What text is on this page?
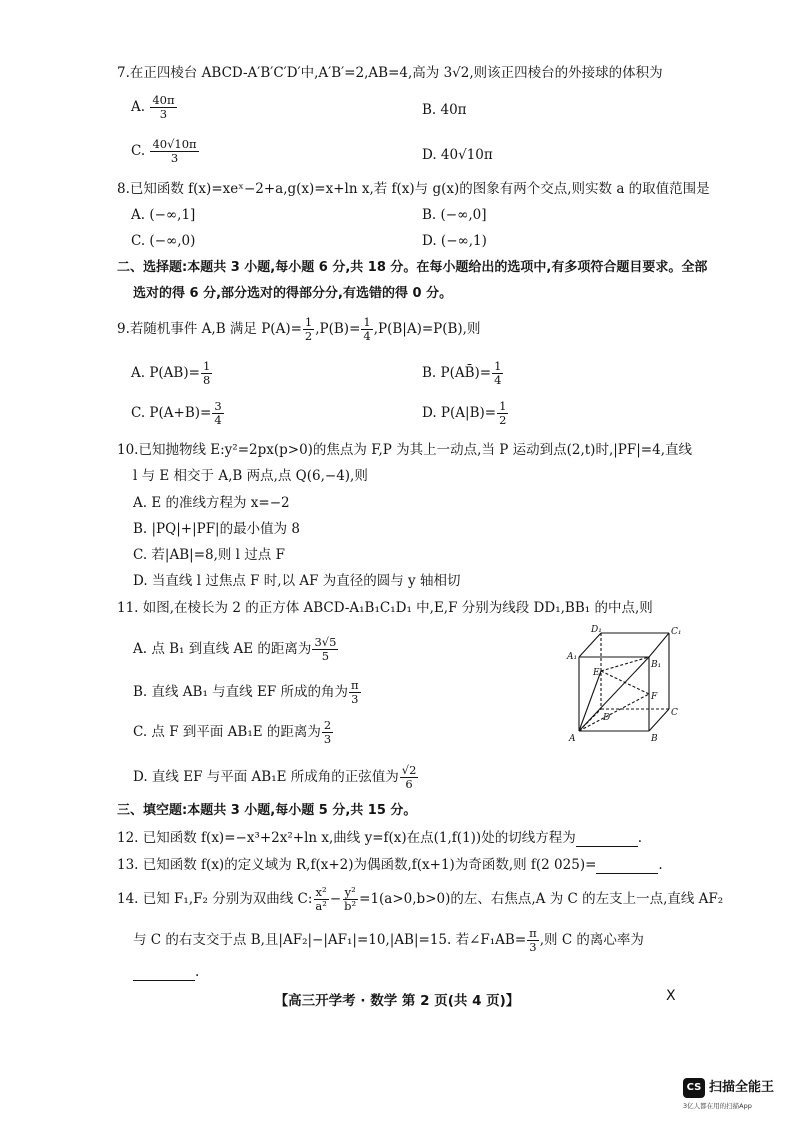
7.在正四棱台 ABCD-A′B′C′D′中,A′B′=2,AB=4,高为 3√2,则该正四棱台的外接球的体积为
A. $\frac{40\pi}{3}$	B. 40π
C. $\frac{40√10\pi}{3}$	D. 40√10π
8.已知函数 f(x)=xeˣ−2+a,g(x)=x+ln x,若 f(x)与 g(x)的图象有两个交点,则实数 a 的取值范围是
A. (−∞,1]	B. (−∞,0]
C. (−∞,0)	D. (−∞,1)
二、选择题:本题共 3 小题,每小题 6 分,共 18 分。在每小题给出的选项中,有多项符合题目要求。全部
选对的得 6 分,部分选对的得部分分,有选错的得 0 分。
9.若随机事件 A,B 满足 $P(A)= \frac{1}{2} ,P(B)= \frac{1}{4} ,P(B|A)=P(B)$,则
A. $P(AB)= \frac{1}{8}$	B. P(AB̄)= $\frac{1}{4}$
C. $P(A+B)= \frac{3}{4}$	D. $P(A|B)= \frac{1}{2}$
10.已知抛物线 E:y²=2px(p>0)的焦点为 F,P 为其上一动点,当 P 运动到点(2,t)时,|PF|=4,直线
l 与 E 相交于 A,B 两点,点 Q(6,−4),则
A. E 的准线方程为 x=−2
B. |PQ|+|PF|的最小值为 8
C. 若|AB|=8,则 l 过点 F
D. 当直线 l 过焦点 F 时,以 AF 为直径的圆与 y 轴相切
11. 如图,在棱长为 2 的正方体 ABCD-A₁B₁C₁D₁ 中,E,F 分别为线段 DD₁,BB₁ 的中点,则
A. 点 B₁ 到直线 AE 的距离为 $\frac{3√5}{5}$
B. 直线 AB₁ 与直线 EF 所成的角为 $\frac{\pi}{3}$
C. 点 F 到平面 AB₁E 的距离为 $\frac{2}{3}$
D. 直线 EF 与平面 AB₁E 所成角的正弦值为 $\frac{√2}{6}$
D₁	C₁
A₁
B₁
E
F
D	C
A	B
三、填空题:本题共 3 小题,每小题 5 分,共 15 分。
12. 已知函数 f(x)=−x³+2x²+ln x,曲线 y=f(x)在点(1,f(1))处的切线方程为	.
13. 已知函数 f(x)的定义域为 R,f(x+2)为偶函数,f(x+1)为奇函数,则 f(2 025)=	.
14. 已知 F₁,F₂ 分别为双曲线 C: $\frac{\text{x²}}{\text{a²}} - \frac{\text{y²}}{\text{b²}} =1(a>0,b>0)$的左、右焦点,A 为 C 的左支上一点,直线 AF₂
与 C 的右支交于点 B,且|AF₂|−|AF₁|=10,|AB|=15. 若∠F₁AB= $\frac{\pi}{3}$ ,则 C 的离心率为
.
【高三开学考 · 数学 第 2 页(共 4 页)】	X
CS 扫描全能王
3亿人都在用的扫描App
